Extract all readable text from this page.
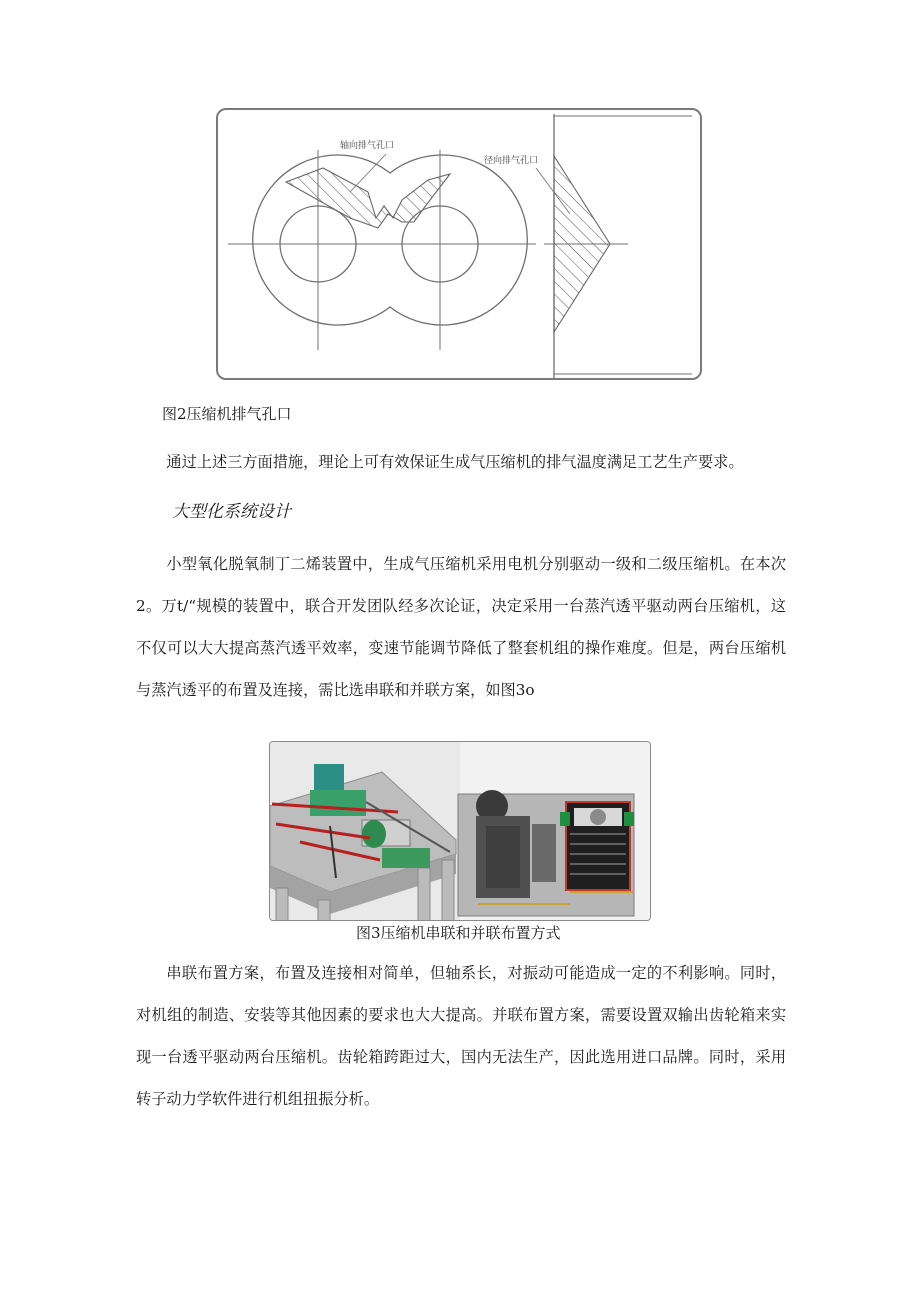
轴向排气孔口
径向排气孔口
图2压缩机排气孔口

通过上述三方面措施，理论上可有效保证生成气压缩机的排气温度满足工艺生产要求。

大型化系统设计

小型氧化脱氧制丁二烯装置中，生成气压缩机采用电机分别驱动一级和二级压缩机。在本次2。万t/“规模的装置中，联合开发团队经多次论证，决定采用一台蒸汽透平驱动两台压缩机，这不仅可以大大提高蒸汽透平效率，变速节能调节降低了整套机组的操作难度。但是，两台压缩机与蒸汽透平的布置及连接，需比选串联和并联方案，如图3o

图3压缩机串联和并联布置方式

串联布置方案，布置及连接相对简单，但轴系长，对振动可能造成一定的不利影响。同时，对机组的制造、安装等其他因素的要求也大大提高。并联布置方案，需要设置双输出齿轮箱来实现一台透平驱动两台压缩机。齿轮箱跨距过大，国内无法生产，因此选用进口品牌。同时，采用转子动力学软件进行机组扭振分析。
